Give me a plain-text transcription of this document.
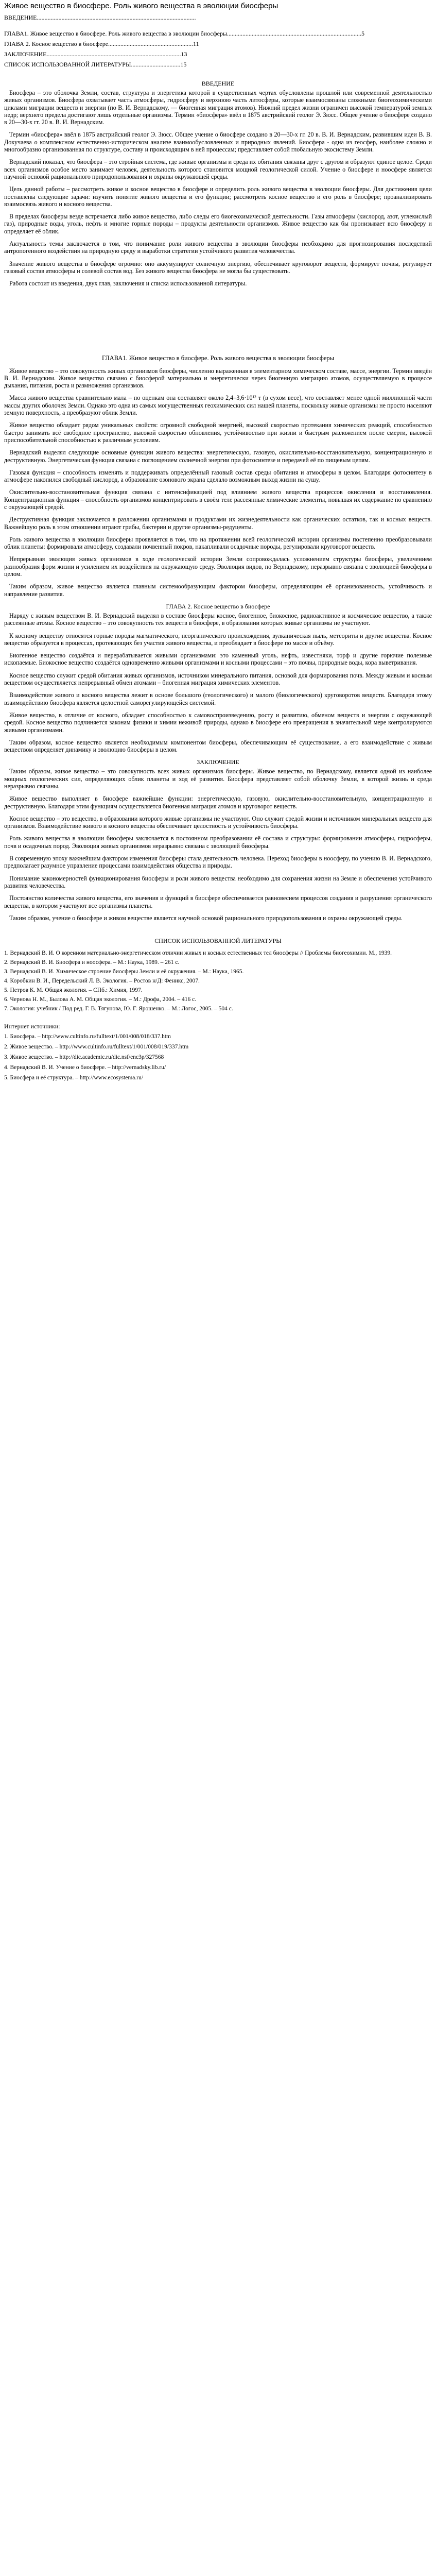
Живое вещество в биосфере. Роль живого вещества в эволюции биосферы
ВВЕДЕНИЕ.......................................................................................................
ГЛАВА1. Живое вещество в биосфере. Роль живого вещества в эволюции биосферы.......................................................................................5
ГЛАВА 2. Косное вещество в биосфере.......................................................11
ЗАКЛЮЧЕНИЕ.......................................................................................13
СПИСОК ИСПОЛЬЗОВАННОЙ ЛИТЕРАТУРЫ................................15
ВВЕДЕНИЕ
Биосфера – это оболочка Земли, состав, структура и энергетика которой в существенных чертах обусловлены прошлой или современной деятельностью живых организмов. Биосфера охватывает часть атмосферы, гидросферу и верхнюю часть литосферы, которые взаимосвязаны сложными биогеохимическими циклами миграции веществ и энергии (по В. И. Вернадскому, — биогенная миграция атомов). Нижний предел жизни ограничен высокой температурой земных недр; верхнего предела достигают лишь отдельные организмы. Термин «биосфера» ввёл в 1875 австрийский геолог Э. Зюсс. Общее учение о биосфере создано в 20—30-х гг. 20 в. В. И. Вернадским.
Термин «биосфера» ввёл в 1875 австрийский геолог Э. Зюсс. Общее учение о биосфере создано в 20—30-х гг. 20 в. В. И. Вернадским, развившим идеи В. В. Докучаева о комплексном естественно-историческом анализе взаимообусловленных и природных явлений. Биосфера - одна из геосфер, наиболее сложно и многообразно организованная по структуре, составу и происходящим в ней процессам; представляет собой глобальную экосистему Земли.
Вернадский показал, что биосфера – это стройная система, где живые организмы и среда их обитания связаны друг с другом и образуют единое целое. Среди всех организмов особое место занимает человек, деятельность которого становится мощной геологической силой. Учение о биосфере и ноосфере является научной основой рационального природопользования и охраны окружающей среды.
Цель данной работы – рассмотреть живое и косное вещество в биосфере и определить роль живого вещества в эволюции биосферы. Для достижения цели поставлены следующие задачи: изучить понятие живого вещества и его функции; рассмотреть косное вещество и его роль в биосфере; проанализировать взаимосвязь живого и косного вещества.
В пределах биосферы везде встречается либо живое вещество, либо следы его биогеохимической деятельности. Газы атмосферы (кислород, азот, углекислый газ), природные воды, уголь, нефть и многие горные породы – продукты деятельности организмов. Живое вещество как бы пронизывает всю биосферу и определяет её облик.
Актуальность темы заключается в том, что понимание роли живого вещества в эволюции биосферы необходимо для прогнозирования последствий антропогенного воздействия на природную среду и выработки стратегии устойчивого развития человечества.
Значение живого вещества в биосфере огромно: оно аккумулирует солнечную энергию, обеспечивает круговорот веществ, формирует почвы, регулирует газовый состав атмосферы и солевой состав вод. Без живого вещества биосфера не могла бы существовать.
Работа состоит из введения, двух глав, заключения и списка использованной литературы.
ГЛАВА1. Живое вещество в биосфере. Роль живого вещества в эволюции биосферы
Живое вещество – это совокупность живых организмов биосферы, численно выраженная в элементарном химическом составе, массе, энергии. Термин введён В. И. Вернадским. Живое вещество связано с биосферой материально и энергетически через биогенную миграцию атомов, осуществляемую в процессе дыхания, питания, роста и размножения организмов.
Масса живого вещества сравнительно мала – по оценкам она составляет около 2,4–3,6·10¹² т (в сухом весе), что составляет менее одной миллионной части массы других оболочек Земли. Однако это одна из самых могущественных геохимических сил нашей планеты, поскольку живые организмы не просто населяют земную поверхность, а преобразуют облик Земли.
Живое вещество обладает рядом уникальных свойств: огромной свободной энергией, высокой скоростью протекания химических реакций, способностью быстро занимать всё свободное пространство, высокой скоростью обновления, устойчивостью при жизни и быстрым разложением после смерти, высокой приспособительной способностью к различным условиям.
Вернадский выделял следующие основные функции живого вещества: энергетическую, газовую, окислительно-восстановительную, концентрационную и деструктивную. Энергетическая функция связана с поглощением солнечной энергии при фотосинтезе и передачей её по пищевым цепям.
Газовая функция – способность изменять и поддерживать определённый газовый состав среды обитания и атмосферы в целом. Благодаря фотосинтезу в атмосфере накопился свободный кислород, а образование озонового экрана сделало возможным выход жизни на сушу.
Окислительно-восстановительная функция связана с интенсификацией под влиянием живого вещества процессов окисления и восстановления. Концентрационная функция – способность организмов концентрировать в своём теле рассеянные химические элементы, повышая их содержание по сравнению с окружающей средой.
Деструктивная функция заключается в разложении организмами и продуктами их жизнедеятельности как органических остатков, так и косных веществ. Важнейшую роль в этом отношении играют грибы, бактерии и другие организмы-редуценты.
Роль живого вещества в эволюции биосферы проявляется в том, что на протяжении всей геологической истории организмы постепенно преобразовывали облик планеты: формировали атмосферу, создавали почвенный покров, накапливали осадочные породы, регулировали круговорот веществ.
Непрерывная эволюция живых организмов в ходе геологической истории Земли сопровождалась усложнением структуры биосферы, увеличением разнообразия форм жизни и усилением их воздействия на окружающую среду. Эволюция видов, по Вернадскому, неразрывно связана с эволюцией биосферы в целом.
Таким образом, живое вещество является главным системообразующим фактором биосферы, определяющим её организованность, устойчивость и направление развития.
ГЛАВА 2. Косное вещество в биосфере
Наряду с живым веществом В. И. Вернадский выделял в составе биосферы косное, биогенное, биокосное, радиоактивное и космическое вещество, а также рассеянные атомы. Косное вещество – это совокупность тех веществ в биосфере, в образовании которых живые организмы не участвуют.
К косному веществу относятся горные породы магматического, неорганического происхождения, вулканическая пыль, метеориты и другие вещества. Косное вещество образуется в процессах, протекающих без участия живого вещества, и преобладает в биосфере по массе и объёму.
Биогенное вещество создаётся и перерабатывается живыми организмами: это каменный уголь, нефть, известняки, торф и другие горючие полезные ископаемые. Биокосное вещество создаётся одновременно живыми организмами и косными процессами – это почвы, природные воды, кора выветривания.
Косное вещество служит средой обитания живых организмов, источником минерального питания, основой для формирования почв. Между живым и косным веществом осуществляется непрерывный обмен атомами – биогенная миграция химических элементов.
Взаимодействие живого и косного вещества лежит в основе большого (геологического) и малого (биологического) круговоротов веществ. Благодаря этому взаимодействию биосфера является целостной саморегулирующейся системой.
Живое вещество, в отличие от косного, обладает способностью к самовоспроизведению, росту и развитию, обменом веществ и энергии с окружающей средой. Косное вещество подчиняется законам физики и химии неживой природы, однако в биосфере его превращения в значительной мере контролируются живыми организмами.
Таким образом, косное вещество является необходимым компонентом биосферы, обеспечивающим её существование, а его взаимодействие с живым веществом определяет динамику и эволюцию биосферы в целом.
ЗАКЛЮЧЕНИЕ
Таким образом, живое вещество – это совокупность всех живых организмов биосферы. Живое вещество, по Вернадскому, является одной из наиболее мощных геологических сил, определяющих облик планеты и ход её развития. Биосфера представляет собой оболочку Земли, в которой жизнь и среда неразрывно связаны.
Живое вещество выполняет в биосфере важнейшие функции: энергетическую, газовую, окислительно-восстановительную, концентрационную и деструктивную. Благодаря этим функциям осуществляется биогенная миграция атомов и круговорот веществ.
Косное вещество – это вещество, в образовании которого живые организмы не участвуют. Оно служит средой жизни и источником минеральных веществ для организмов. Взаимодействие живого и косного вещества обеспечивает целостность и устойчивость биосферы.
Роль живого вещества в эволюции биосферы заключается в постоянном преобразовании её состава и структуры: формировании атмосферы, гидросферы, почв и осадочных пород. Эволюция живых организмов неразрывно связана с эволюцией биосферы.
В современную эпоху важнейшим фактором изменения биосферы стала деятельность человека. Переход биосферы в ноосферу, по учению В. И. Вернадского, предполагает разумное управление процессами взаимодействия общества и природы.
Понимание закономерностей функционирования биосферы и роли живого вещества необходимо для сохранения жизни на Земле и обеспечения устойчивого развития человечества.
Постоянство количества живого вещества, его значения и функций в биосфере обеспечивается равновесием процессов создания и разрушения органического вещества, в котором участвуют все организмы планеты.
Таким образом, учение о биосфере и живом веществе является научной основой рационального природопользования и охраны окружающей среды.
СПИСОК ИСПОЛЬЗОВАННОЙ ЛИТЕРАТУРЫ
1. Вернадский В. И. О коренном материально-энергетическом отличии живых и косных естественных тел биосферы // Проблемы биогеохимии. М., 1939.
2. Вернадский В. И. Биосфера и ноосфера. – М.: Наука, 1989. – 261 с.
3. Вернадский В. И. Химическое строение биосферы Земли и её окружения. – М.: Наука, 1965.
4. Коробкин В. И., Передельский Л. В. Экология. – Ростов н/Д: Феникс, 2007.
5. Петров К. М. Общая экология. – СПб.: Химия, 1997.
6. Чернова Н. М., Былова А. М. Общая экология. – М.: Дрофа, 2004. – 416 с.
7. Экология: учебник / Под ред. Г. В. Тягунова, Ю. Г. Ярошенко. – М.: Логос, 2005. – 504 с.
Интернет источники:
1. Биосфера. – http://www.cultinfo.ru/fulltext/1/001/008/018/337.htm
2. Живое вещество. – http://www.cultinfo.ru/fulltext/1/001/008/019/337.htm
3. Живое вещество. – http://dic.academic.ru/dic.nsf/enc3p/327568
4. Вернадский В. И. Учение о биосфере. – http://vernadsky.lib.ru/
5. Биосфера и её структура. – http://www.ecosystema.ru/
